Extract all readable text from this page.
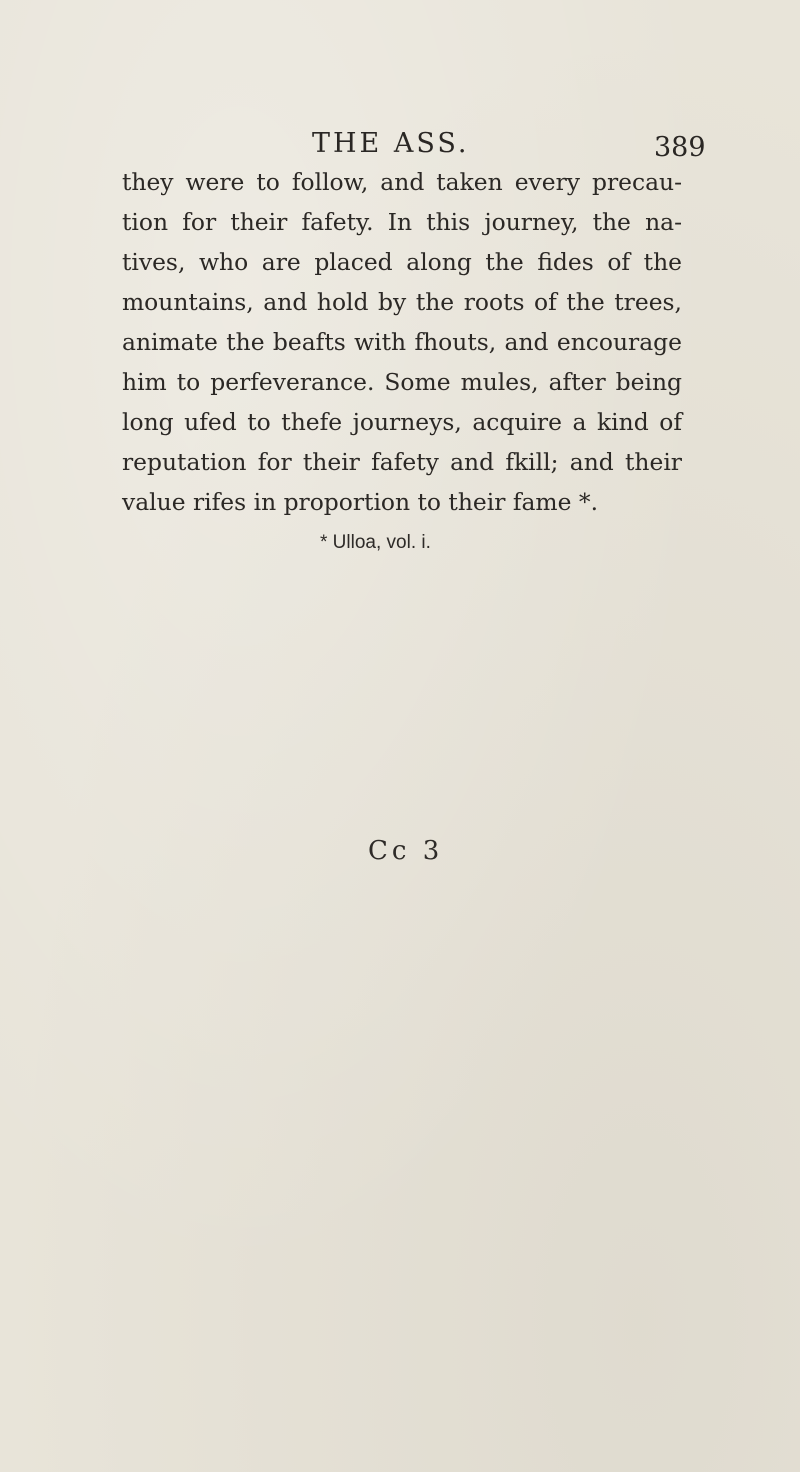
THE ASS.	389
they were to follow, and taken every precau-
tion for their fafety. In this journey, the na-
tives, who are placed along the fides of the
mountains, and hold by the roots of the trees,
animate the beafts with fhouts, and encourage
him to perfeverance. Some mules, after being
long ufed to thefe journeys, acquire a kind of
reputation for their fafety and fkill; and their
value rifes in proportion to their fame *.
* Ulloa, vol. i.
Cc 3
